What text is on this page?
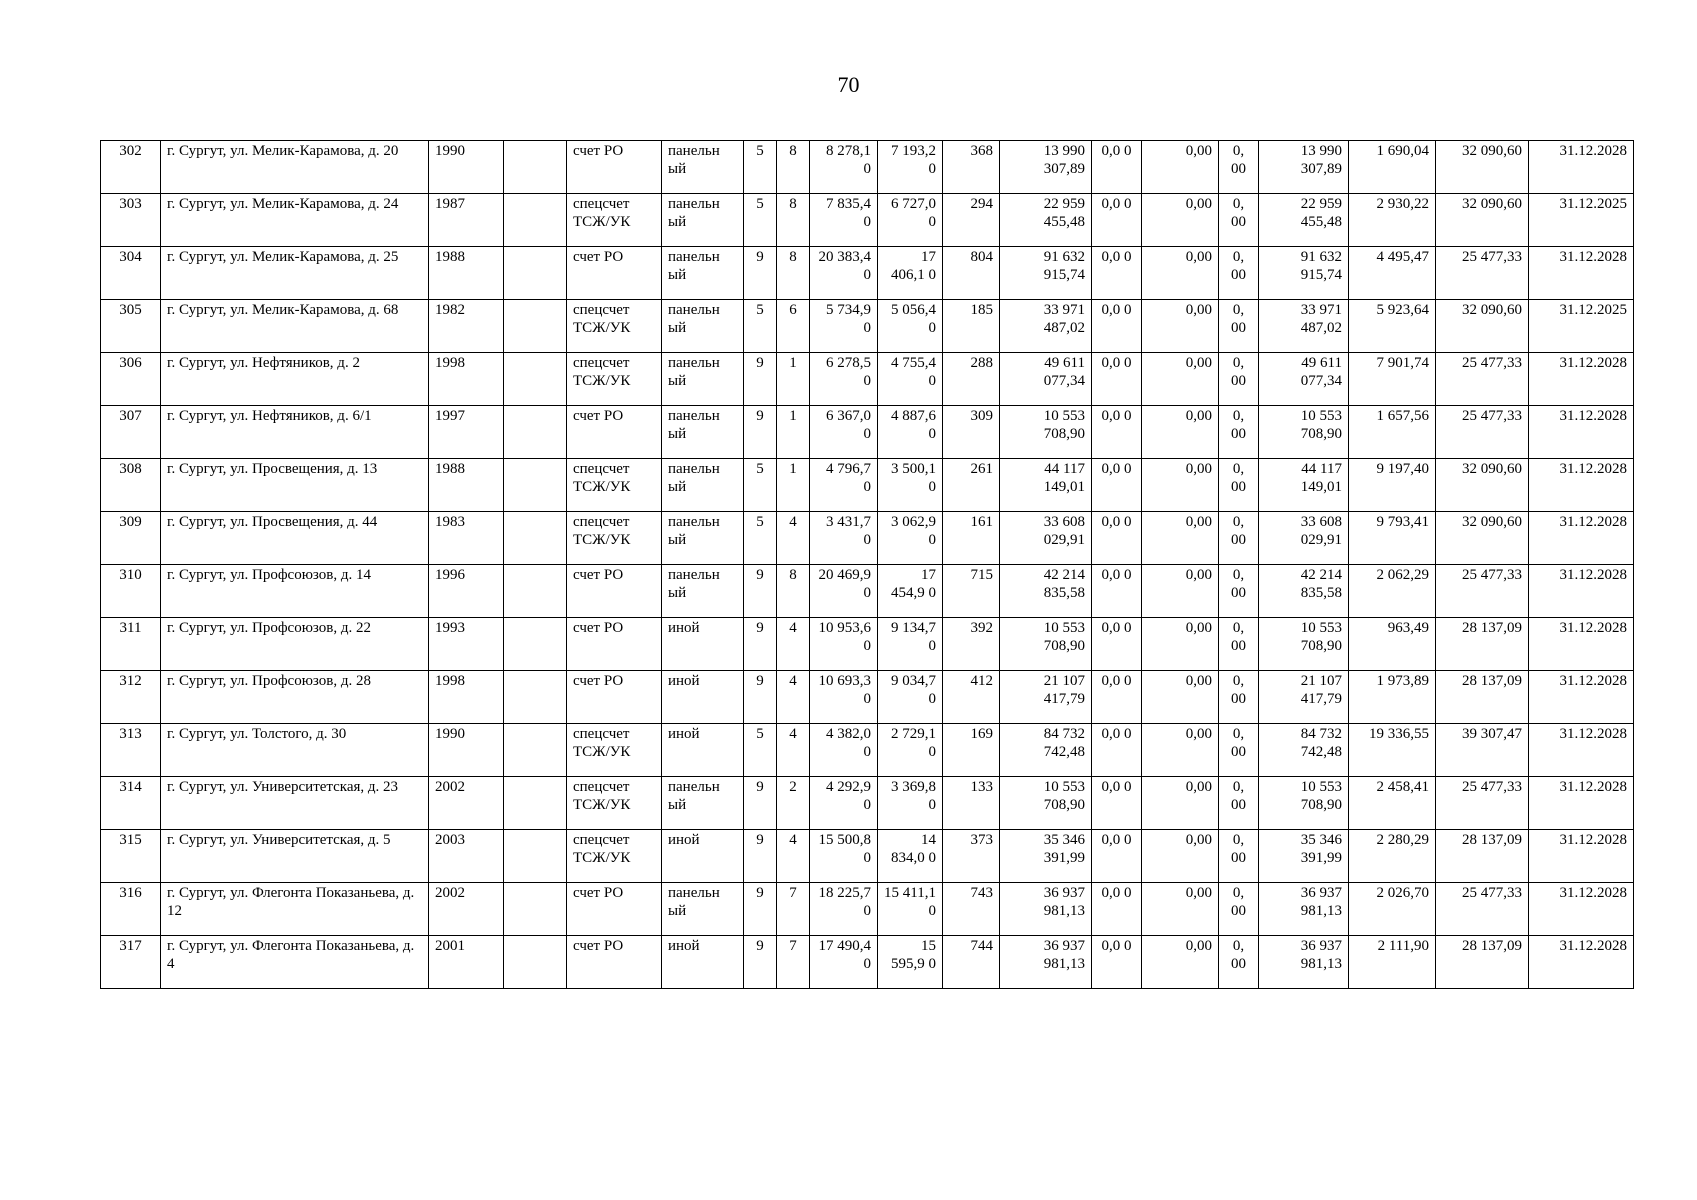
70
302	г. Сургут, ул. Мелик-Карамова, д. 20	1990		счет РО	панельн ый	5	8	8 278,1 0	7 193,2 0	368	13 990 307,89	0,0 0	0,00	0, 00	13 990 307,89	1 690,04	32 090,60	31.12.2028
303	г. Сургут, ул. Мелик-Карамова, д. 24	1987		спецсчет ТСЖ/УК	панельн ый	5	8	7 835,4 0	6 727,0 0	294	22 959 455,48	0,0 0	0,00	0, 00	22 959 455,48	2 930,22	32 090,60	31.12.2025
304	г. Сургут, ул. Мелик-Карамова, д. 25	1988		счет РО	панельн ый	9	8	20 383,4 0	17 406,1 0	804	91 632 915,74	0,0 0	0,00	0, 00	91 632 915,74	4 495,47	25 477,33	31.12.2028
305	г. Сургут, ул. Мелик-Карамова, д. 68	1982		спецсчет ТСЖ/УК	панельн ый	5	6	5 734,9 0	5 056,4 0	185	33 971 487,02	0,0 0	0,00	0, 00	33 971 487,02	5 923,64	32 090,60	31.12.2025
306	г. Сургут, ул. Нефтяников, д. 2	1998		спецсчет ТСЖ/УК	панельн ый	9	1	6 278,5 0	4 755,4 0	288	49 611 077,34	0,0 0	0,00	0, 00	49 611 077,34	7 901,74	25 477,33	31.12.2028
307	г. Сургут, ул. Нефтяников, д. 6/1	1997		счет РО	панельн ый	9	1	6 367,0 0	4 887,6 0	309	10 553 708,90	0,0 0	0,00	0, 00	10 553 708,90	1 657,56	25 477,33	31.12.2028
308	г. Сургут, ул. Просвещения, д. 13	1988		спецсчет ТСЖ/УК	панельн ый	5	1	4 796,7 0	3 500,1 0	261	44 117 149,01	0,0 0	0,00	0, 00	44 117 149,01	9 197,40	32 090,60	31.12.2028
309	г. Сургут, ул. Просвещения, д. 44	1983		спецсчет ТСЖ/УК	панельн ый	5	4	3 431,7 0	3 062,9 0	161	33 608 029,91	0,0 0	0,00	0, 00	33 608 029,91	9 793,41	32 090,60	31.12.2028
310	г. Сургут, ул. Профсоюзов, д. 14	1996		счет РО	панельн ый	9	8	20 469,9 0	17 454,9 0	715	42 214 835,58	0,0 0	0,00	0, 00	42 214 835,58	2 062,29	25 477,33	31.12.2028
311	г. Сургут, ул. Профсоюзов, д. 22	1993		счет РО	иной	9	4	10 953,6 0	9 134,7 0	392	10 553 708,90	0,0 0	0,00	0, 00	10 553 708,90	963,49	28 137,09	31.12.2028
312	г. Сургут, ул. Профсоюзов, д. 28	1998		счет РО	иной	9	4	10 693,3 0	9 034,7 0	412	21 107 417,79	0,0 0	0,00	0, 00	21 107 417,79	1 973,89	28 137,09	31.12.2028
313	г. Сургут, ул. Толстого, д. 30	1990		спецсчет ТСЖ/УК	иной	5	4	4 382,0 0	2 729,1 0	169	84 732 742,48	0,0 0	0,00	0, 00	84 732 742,48	19 336,55	39 307,47	31.12.2028
314	г. Сургут, ул. Университетская, д. 23	2002		спецсчет ТСЖ/УК	панельн ый	9	2	4 292,9 0	3 369,8 0	133	10 553 708,90	0,0 0	0,00	0, 00	10 553 708,90	2 458,41	25 477,33	31.12.2028
315	г. Сургут, ул. Университетская, д. 5	2003		спецсчет ТСЖ/УК	иной	9	4	15 500,8 0	14 834,0 0	373	35 346 391,99	0,0 0	0,00	0, 00	35 346 391,99	2 280,29	28 137,09	31.12.2028
316	г. Сургут, ул. Флегонта Показаньева, д. 12	2002		счет РО	панельн ый	9	7	18 225,7 0	15 411,1 0	743	36 937 981,13	0,0 0	0,00	0, 00	36 937 981,13	2 026,70	25 477,33	31.12.2028
317	г. Сургут, ул. Флегонта Показаньева, д. 4	2001		счет РО	иной	9	7	17 490,4 0	15 595,9 0	744	36 937 981,13	0,0 0	0,00	0, 00	36 937 981,13	2 111,90	28 137,09	31.12.2028
